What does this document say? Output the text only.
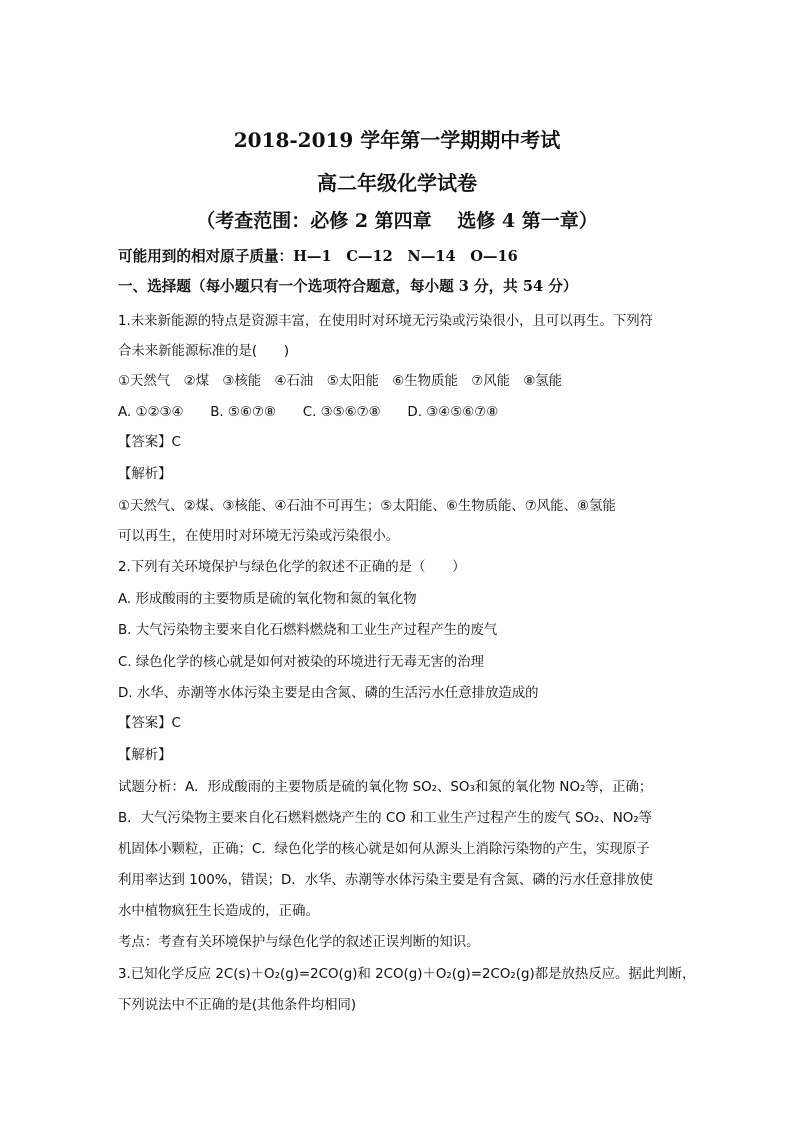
2018-2019 学年第一学期期中考试
高二年级化学试卷
（考查范围：必修 2 第四章　 选修 4 第一章）
可能用到的相对原子质量：H—1　C—12　N—14　O—16
一、选择题（每小题只有一个选项符合题意，每小题 3 分，共 54 分）
1.未来新能源的特点是资源丰富，在使用时对环境无污染或污染很小，且可以再生。下列符
合未来新能源标准的是(　　)
①天然气　②煤　③核能　④石油　⑤太阳能　⑥生物质能　⑦风能　⑧氢能
A. ①②③④　　B. ⑤⑥⑦⑧　　C. ③⑤⑥⑦⑧　　D. ③④⑤⑥⑦⑧
【答案】C
【解析】
①天然气、②煤、③核能、④石油不可再生；⑤太阳能、⑥生物质能、⑦风能、⑧氢能
可以再生，在使用时对环境无污染或污染很小。
2.下列有关环境保护与绿色化学的叙述不正确的是（　　）
A. 形成酸雨的主要物质是硫的氧化物和氮的氧化物
B. 大气污染物主要来自化石燃料燃烧和工业生产过程产生的废气
C. 绿色化学的核心就是如何对被染的环境进行无毒无害的治理
D. 水华、赤潮等水体污染主要是由含氮、磷的生活污水任意排放造成的
【答案】C
【解析】
试题分析：A．形成酸雨的主要物质是硫的氧化物 SO₂、SO₃和氮的氧化物 NO₂等，正确；
B．大气污染物主要来自化石燃料燃烧产生的 CO 和工业生产过程产生的废气 SO₂、NO₂等
机固体小颗粒，正确；C．绿色化学的核心就是如何从源头上消除污染物的产生，实现原子
利用率达到 100%，错误；D．水华、赤潮等水体污染主要是有含氮、磷的污水任意排放使
水中植物疯狂生长造成的，正确。
考点：考查有关环境保护与绿色化学的叙述正误判断的知识。
3.已知化学反应 2C(s)＋O₂(g)=2CO(g)和 2CO(g)＋O₂(g)=2CO₂(g)都是放热反应。据此判断，
下列说法中不正确的是(其他条件均相同)
